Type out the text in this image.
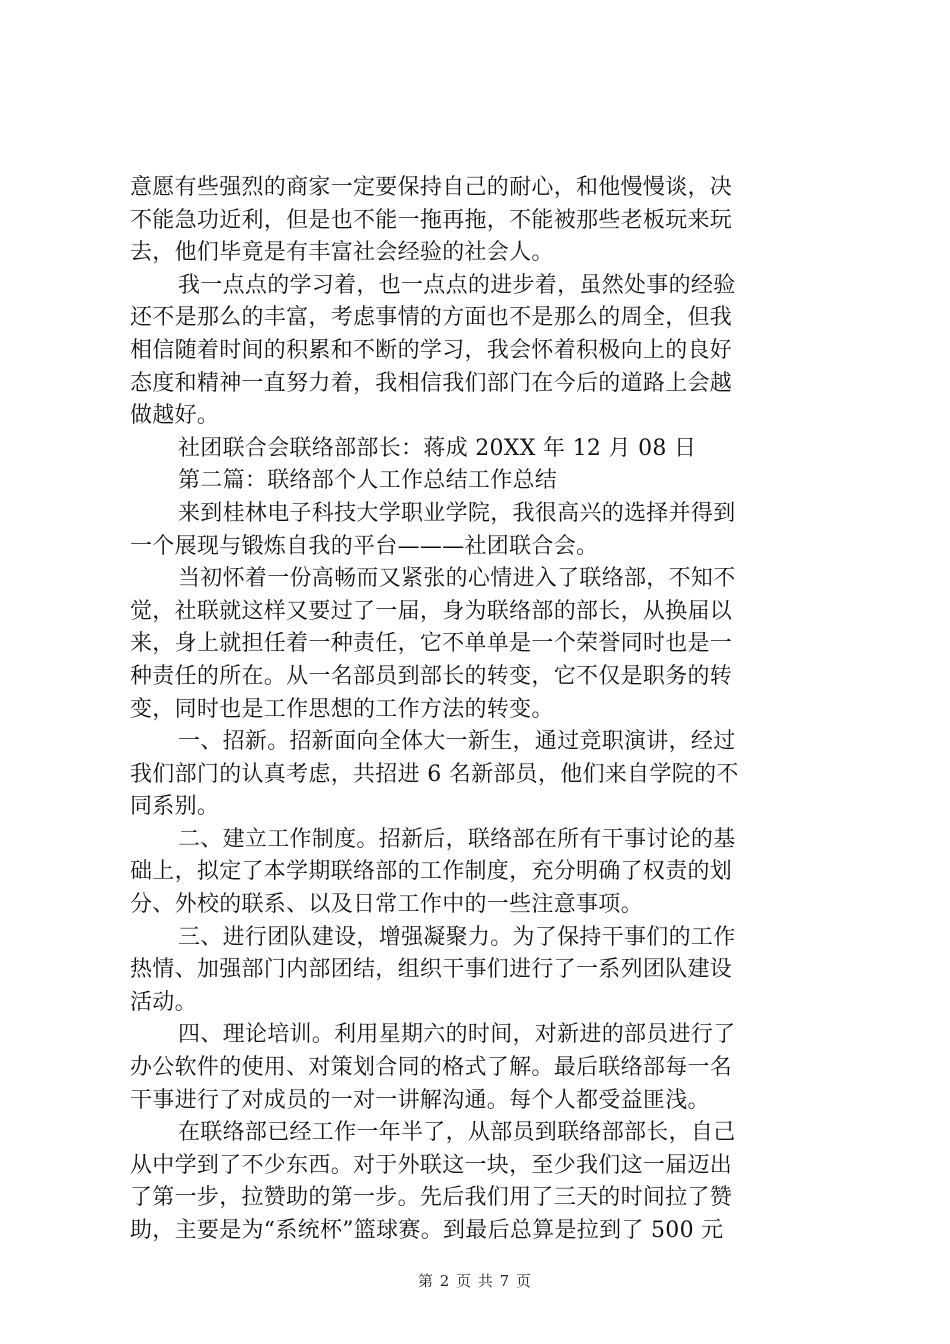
意愿有些强烈的商家一定要保持自己的耐心，和他慢慢谈，决
不能急功近利，但是也不能一拖再拖，不能被那些老板玩来玩
去，他们毕竟是有丰富社会经验的社会人。
我一点点的学习着，也一点点的进步着，虽然处事的经验
还不是那么的丰富，考虑事情的方面也不是那么的周全，但我
相信随着时间的积累和不断的学习，我会怀着积极向上的良好
态度和精神一直努力着，我相信我们部门在今后的道路上会越
做越好。
社团联合会联络部部长：蒋成 20XX 年 12 月 08 日
第二篇：联络部个人工作总结工作总结
来到桂林电子科技大学职业学院，我很高兴的选择并得到
一个展现与锻炼自我的平台———社团联合会。
当初怀着一份高畅而又紧张的心情进入了联络部，不知不
觉，社联就这样又要过了一届，身为联络部的部长，从换届以
来，身上就担任着一种责任，它不单单是一个荣誉同时也是一
种责任的所在。从一名部员到部长的转变，它不仅是职务的转
变，同时也是工作思想的工作方法的转变。
一、招新。招新面向全体大一新生，通过竞职演讲，经过
我们部门的认真考虑，共招进 6 名新部员，他们来自学院的不
同系别。
二、建立工作制度。招新后，联络部在所有干事讨论的基
础上，拟定了本学期联络部的工作制度，充分明确了权责的划
分、外校的联系、以及日常工作中的一些注意事项。
三、进行团队建设，增强凝聚力。为了保持干事们的工作
热情、加强部门内部团结，组织干事们进行了一系列团队建设
活动。
四、理论培训。利用星期六的时间，对新进的部员进行了
办公软件的使用、对策划合同的格式了解。最后联络部每一名
干事进行了对成员的一对一讲解沟通。每个人都受益匪浅。
在联络部已经工作一年半了，从部员到联络部部长，自己
从中学到了不少东西。对于外联这一块，至少我们这一届迈出
了第一步，拉赞助的第一步。先后我们用了三天的时间拉了赞
助，主要是为“系统杯”篮球赛。到最后总算是拉到了 500 元
第 2 页 共 7 页
